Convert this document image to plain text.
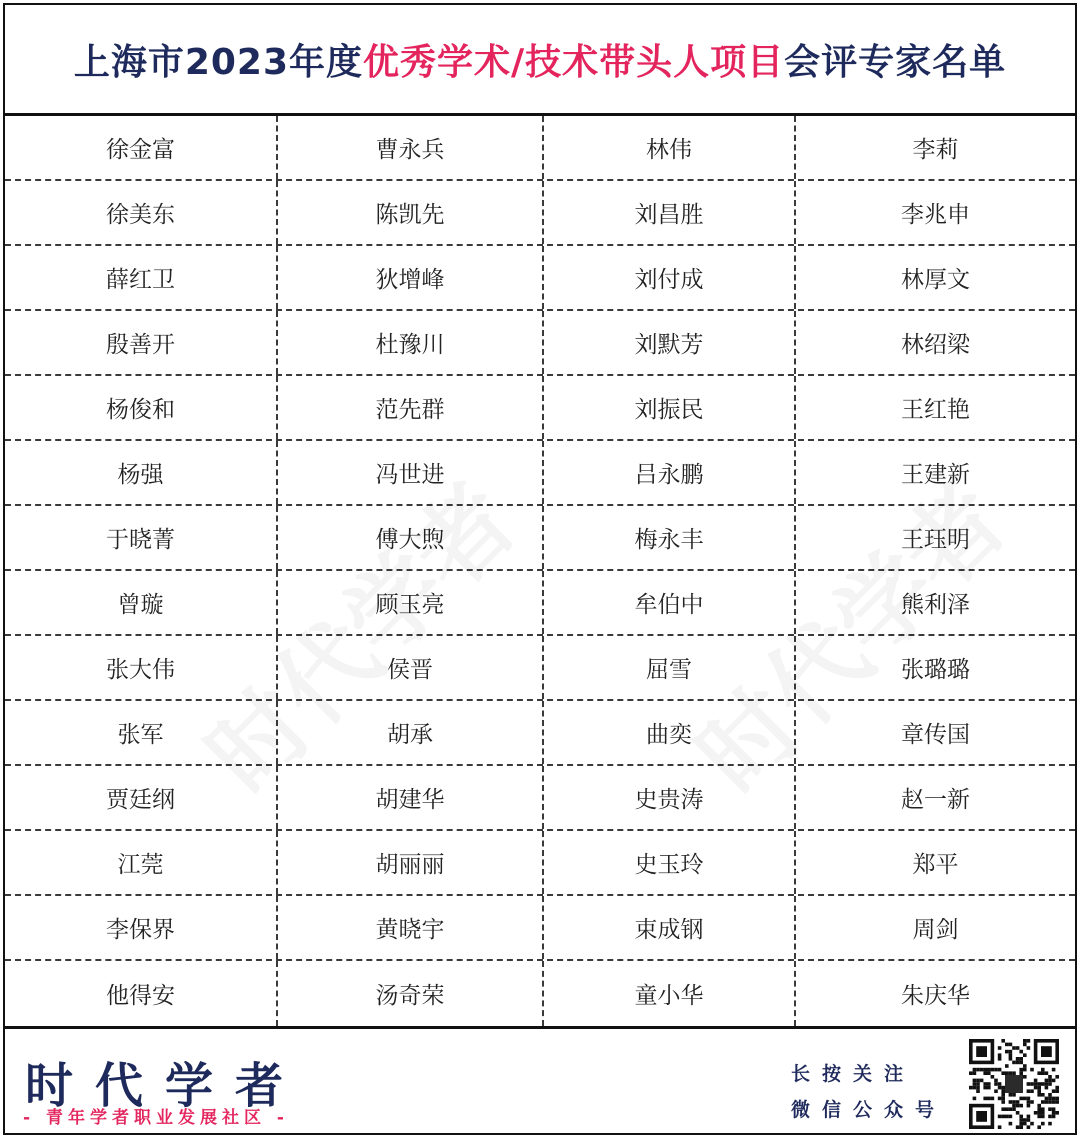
上海市2023年度 优秀学术/技术带头人项目 会评专家名单
徐金富	曹永兵	林伟	李莉
徐美东	陈凯先	刘昌胜	李兆申
薛红卫	狄增峰	刘付成	林厚文
殷善开	杜豫川	刘默芳	林绍梁
杨俊和	范先群	刘振民	王红艳
杨强	冯世进	吕永鹏	王建新
于晓菁	傅大煦	梅永丰	王珏明
曾璇	顾玉亮	牟伯中	熊利泽
张大伟	侯晋	屈雪	张璐璐
张军	胡承	曲奕	章传国
贾廷纲	胡建华	史贵涛	赵一新
江莞	胡丽丽	史玉玲	郑平
李保界	黄晓宇	束成钢	周剑
他得安	汤奇荣	童小华	朱庆华
时代学者
- 青年学者职业发展社区 -
长按关注
微信公众号
